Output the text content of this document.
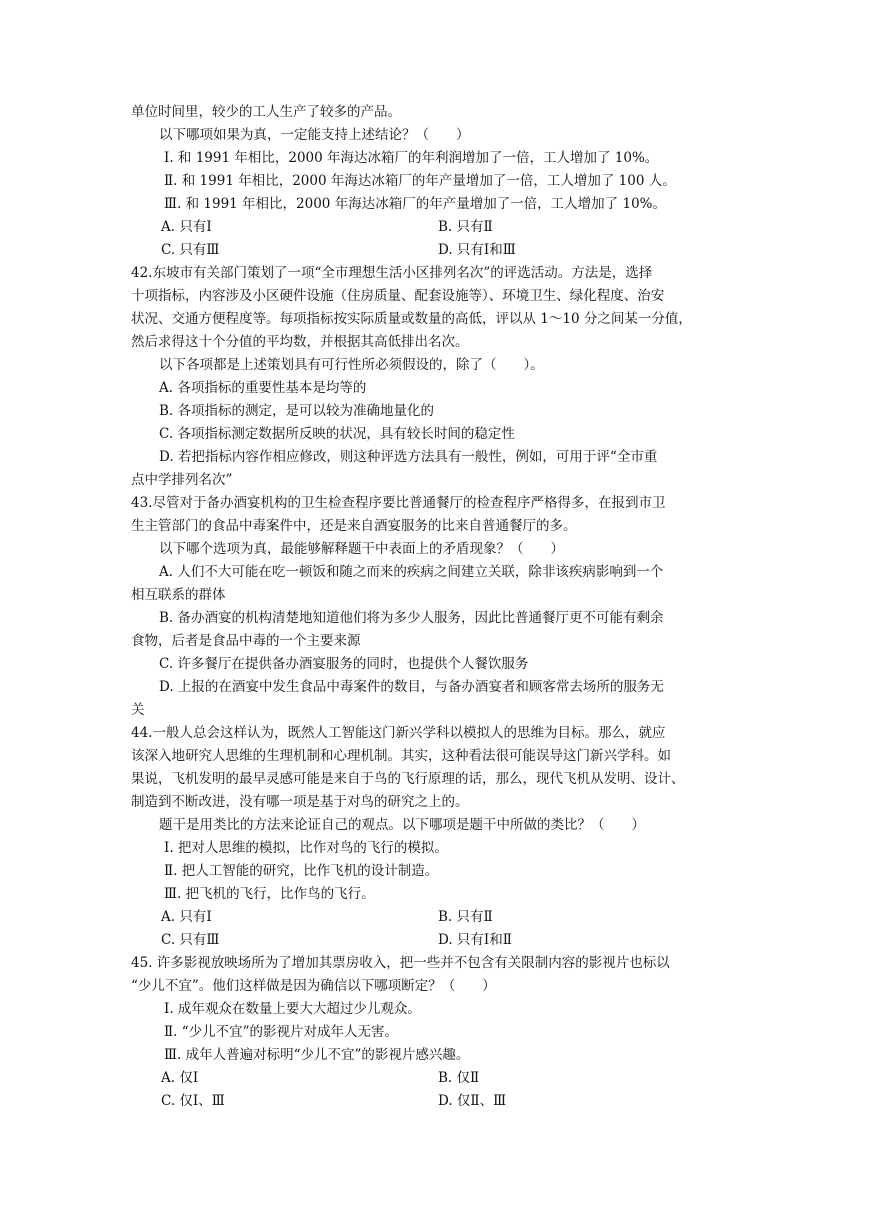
单位时间里，较少的工人生产了较多的产品。
以下哪项如果为真，一定能支持上述结论？（　　）
Ⅰ. 和 1991 年相比，2000 年海达冰箱厂的年利润增加了一倍，工人增加了 10%。
Ⅱ. 和 1991 年相比，2000 年海达冰箱厂的年产量增加了一倍，工人增加了 100 人。
Ⅲ. 和 1991 年相比，2000 年海达冰箱厂的年产量增加了一倍，工人增加了 10%。
A. 只有Ⅰ	B. 只有Ⅱ
C. 只有Ⅲ	D. 只有Ⅰ和Ⅲ
42.东坡市有关部门策划了一项“全市理想生活小区排列名次”的评选活动。方法是，选择
十项指标，内容涉及小区硬件设施（住房质量、配套设施等）、环境卫生、绿化程度、治安
状况、交通方便程度等。每项指标按实际质量或数量的高低，评以从 1～10 分之间某一分值，
然后求得这十个分值的平均数，并根据其高低排出名次。
以下各项都是上述策划具有可行性所必须假设的，除了（　　）。
A. 各项指标的重要性基本是均等的
B. 各项指标的测定，是可以较为准确地量化的
C. 各项指标测定数据所反映的状况，具有较长时间的稳定性
D. 若把指标内容作相应修改，则这种评选方法具有一般性，例如，可用于评“全市重
点中学排列名次”
43.尽管对于备办酒宴机构的卫生检查程序要比普通餐厅的检查程序严格得多，在报到市卫
生主管部门的食品中毒案件中，还是来自酒宴服务的比来自普通餐厅的多。
以下哪个选项为真，最能够解释题干中表面上的矛盾现象？（　　）
A. 人们不大可能在吃一顿饭和随之而来的疾病之间建立关联，除非该疾病影响到一个
相互联系的群体
B. 备办酒宴的机构清楚地知道他们将为多少人服务，因此比普通餐厅更不可能有剩余
食物，后者是食品中毒的一个主要来源
C. 许多餐厅在提供备办酒宴服务的同时，也提供个人餐饮服务
D. 上报的在酒宴中发生食品中毒案件的数目，与备办酒宴者和顾客常去场所的服务无
关
44.一般人总会这样认为，既然人工智能这门新兴学科以模拟人的思维为目标。那么，就应
该深入地研究人思维的生理机制和心理机制。其实，这种看法很可能误导这门新兴学科。如
果说，飞机发明的最早灵感可能是来自于鸟的飞行原理的话，那么，现代飞机从发明、设计、
制造到不断改进，没有哪一项是基于对鸟的研究之上的。
题干是用类比的方法来论证自己的观点。以下哪项是题干中所做的类比？（　　）
Ⅰ. 把对人思维的模拟，比作对鸟的飞行的模拟。
Ⅱ. 把人工智能的研究，比作飞机的设计制造。
Ⅲ. 把飞机的飞行，比作鸟的飞行。
A. 只有Ⅰ	B. 只有Ⅱ
C. 只有Ⅲ	D. 只有Ⅰ和Ⅱ
45. 许多影视放映场所为了增加其票房收入，把一些并不包含有关限制内容的影视片也标以
“少儿不宜”。他们这样做是因为确信以下哪项断定？（　　）
Ⅰ. 成年观众在数量上要大大超过少儿观众。
Ⅱ. “少儿不宜”的影视片对成年人无害。
Ⅲ. 成年人普遍对标明“少儿不宜”的影视片感兴趣。
A. 仅Ⅰ	B. 仅Ⅱ
C. 仅Ⅰ、Ⅲ	D. 仅Ⅱ、Ⅲ
